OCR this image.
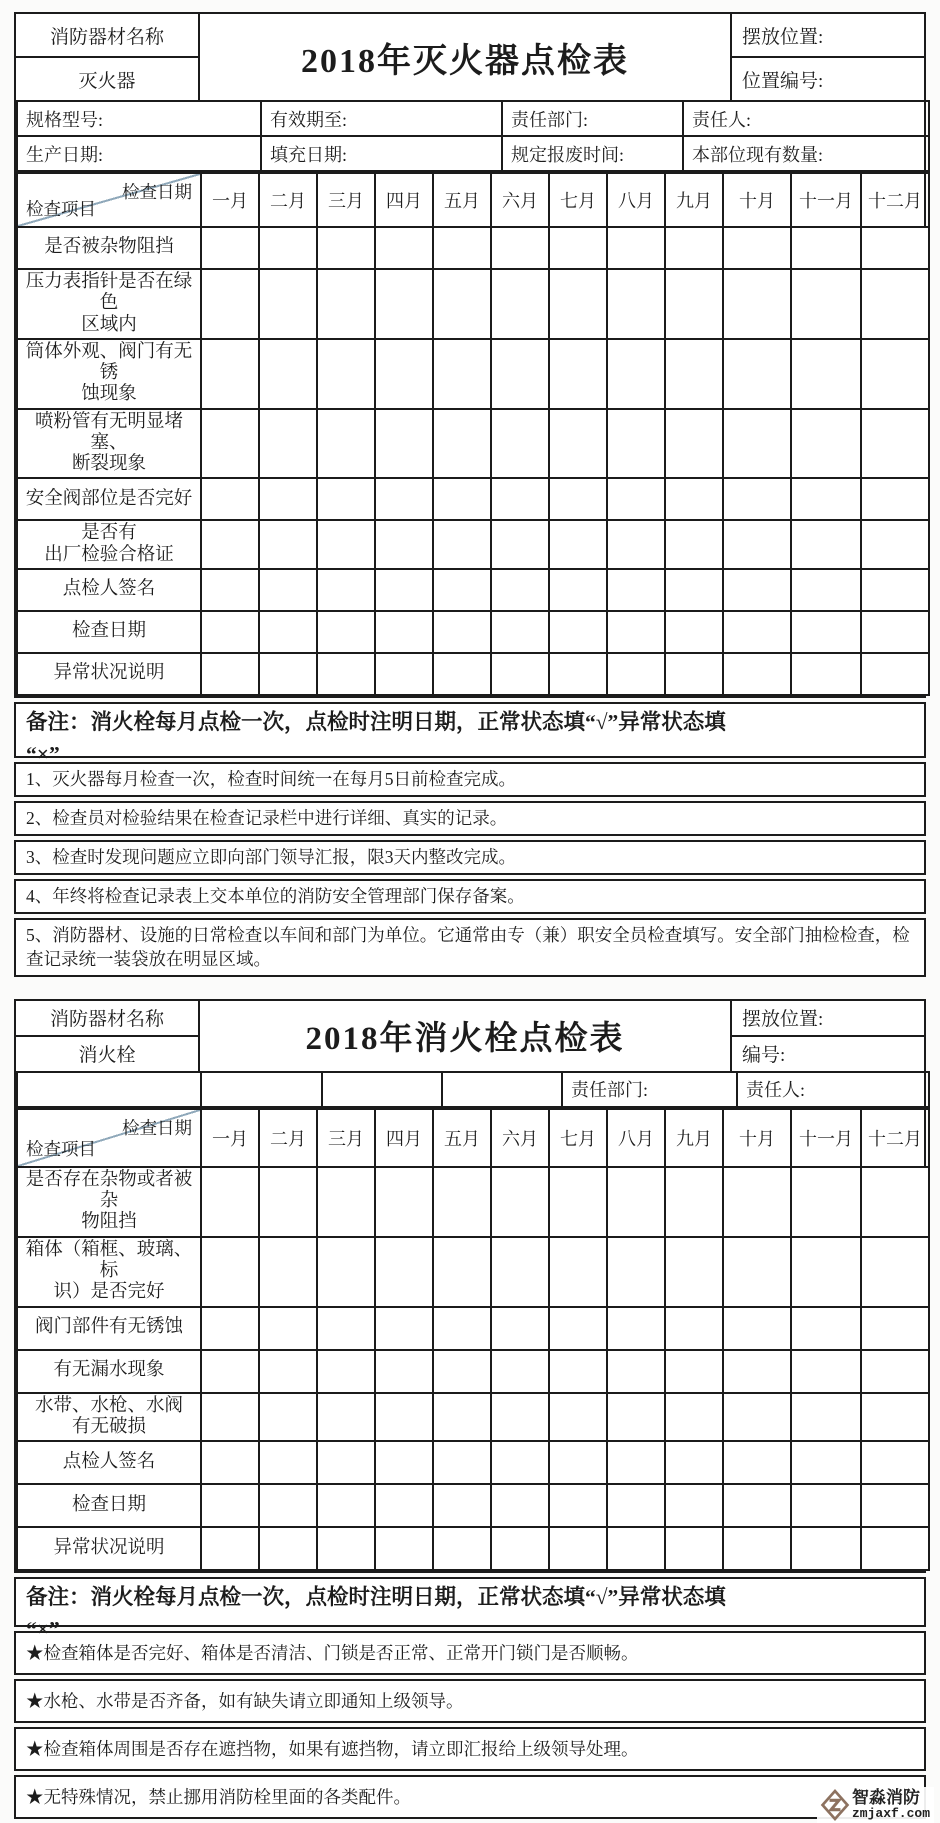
消防器材名称
灭火器
2018年灭火器点检表
摆放位置:
位置编号:
规格型号:	有效期至:	责任部门:	责任人:
生产日期:	填充日期:	规定报废时间:	本部位现有数量:
检查日期
检查项目	一月	二月	三月	四月	五月	六月	七月	八月	九月	十月	十一月	十二月
是否被杂物阻挡												
压力表指针是否在绿色
区域内												
筒体外观、阀门有无锈
蚀现象												
喷粉管有无明显堵塞、
断裂现象												
安全阀部位是否完好												
是否有
出厂检验合格证												
点检人签名												
检查日期												
异常状况说明												
备注：消火栓每月点检一次，点检时注明日期，正常状态填“√”异常状态填
“×”
1、灭火器每月检查一次，检查时间统一在每月5日前检查完成。
2、检查员对检验结果在检查记录栏中进行详细、真实的记录。
3、检查时发现问题应立即向部门领导汇报，限3天内整改完成。
4、年终将检查记录表上交本单位的消防安全管理部门保存备案。
5、消防器材、设施的日常检查以车间和部门为单位。它通常由专（兼）职安全员检查填写。安全部门抽检检查，检查记录统一装袋放在明显区域。
消防器材名称
消火栓	2018年消火栓点检表
摆放位置:
编号:
				责任部门:	责任人:
检查日期
检查项目	一月	二月	三月	四月	五月	六月	七月	八月	九月	十月	十一月	十二月
是否存在杂物或者被杂
物阻挡												
箱体（箱框、玻璃、标
识）是否完好												
阀门部件有无锈蚀												
有无漏水现象												
水带、水枪、水阀
有无破损												
点检人签名												
检查日期												
异常状况说明												
备注：消火栓每月点检一次，点检时注明日期，正常状态填“√”异常状态填
“×”
★检查箱体是否完好、箱体是否清洁、门锁是否正常、正常开门锁门是否顺畅。
★水枪、水带是否齐备，如有缺失请立即通知上级领导。
★检查箱体周围是否存在遮挡物，如果有遮挡物，请立即汇报给上级领导处理。
★无特殊情况，禁止挪用消防栓里面的各类配件。	智淼消防
zmjaxf.com
